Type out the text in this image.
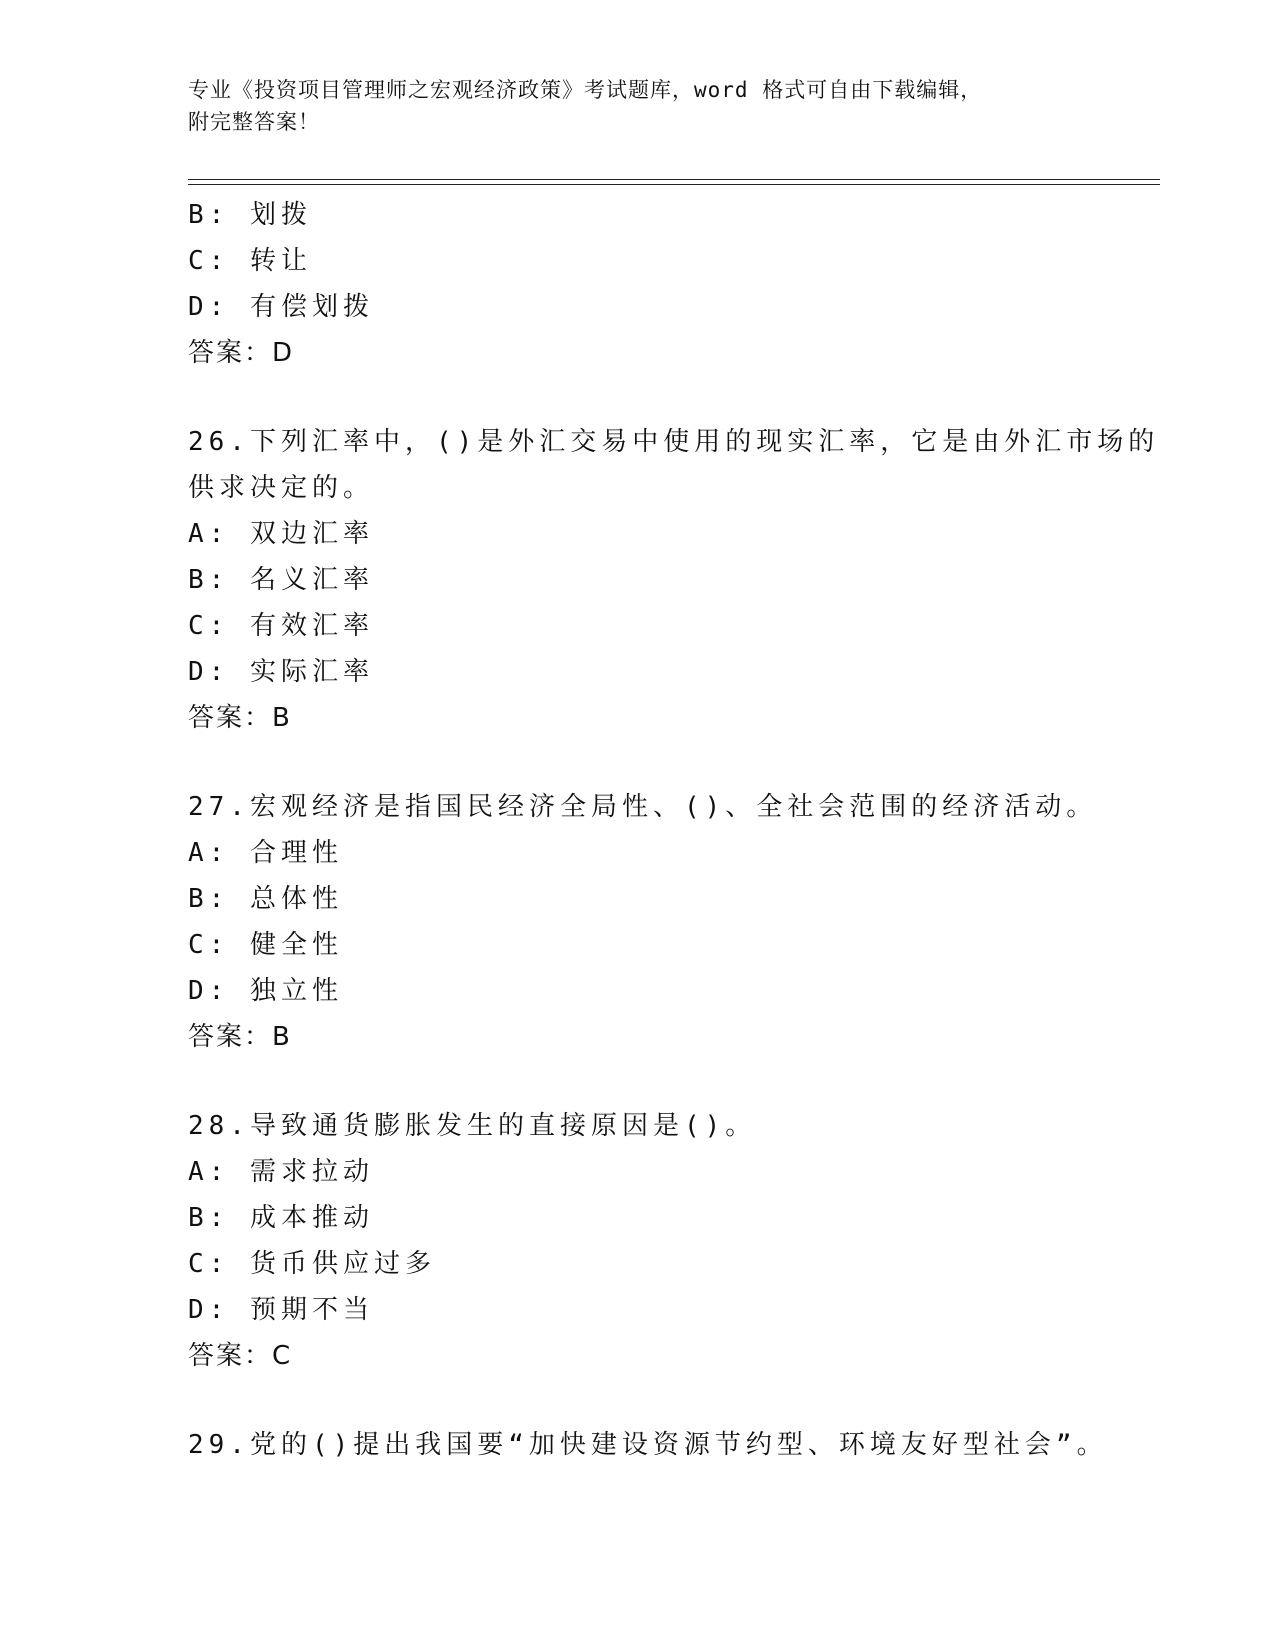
专业《投资项目管理师之宏观经济政策》考试题库，word 格式可自由下载编辑，
附完整答案！
B: 划拨
C: 转让
D: 有偿划拨
答案：D
26.下列汇率中，()是外汇交易中使用的现实汇率，它是由外汇市场的
供求决定的。
A: 双边汇率
B: 名义汇率
C: 有效汇率
D: 实际汇率
答案：B
27.宏观经济是指国民经济全局性、()、全社会范围的经济活动。
A: 合理性
B: 总体性
C: 健全性
D: 独立性
答案：B
28.导致通货膨胀发生的直接原因是()。
A: 需求拉动
B: 成本推动
C: 货币供应过多
D: 预期不当
答案：C
29.党的()提出我国要“加快建设资源节约型、环境友好型社会”。
